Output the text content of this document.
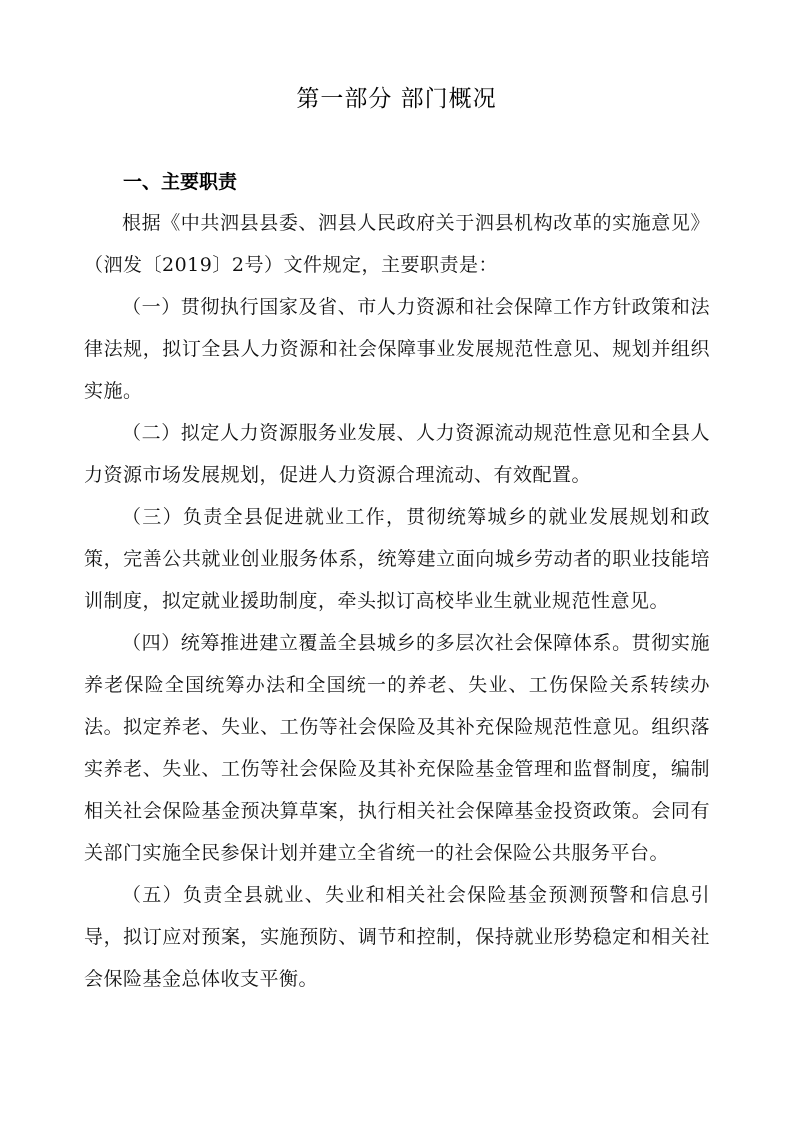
第一部分 部门概况
一、主要职责

根据《中共泗县县委、泗县人民政府关于泗县机构改革的实施意见》（泗发〔2019〕2号）文件规定，主要职责是：

（一）贯彻执行国家及省、市人力资源和社会保障工作方针政策和法律法规，拟订全县人力资源和社会保障事业发展规范性意见、规划并组织实施。

（二）拟定人力资源服务业发展、人力资源流动规范性意见和全县人力资源市场发展规划，促进人力资源合理流动、有效配置。

（三）负责全县促进就业工作，贯彻统筹城乡的就业发展规划和政策，完善公共就业创业服务体系，统筹建立面向城乡劳动者的职业技能培训制度，拟定就业援助制度，牵头拟订高校毕业生就业规范性意见。

（四）统筹推进建立覆盖全县城乡的多层次社会保障体系。贯彻实施养老保险全国统筹办法和全国统一的养老、失业、工伤保险关系转续办法。拟定养老、失业、工伤等社会保险及其补充保险规范性意见。组织落实养老、失业、工伤等社会保险及其补充保险基金管理和监督制度，编制相关社会保险基金预决算草案，执行相关社会保障基金投资政策。会同有关部门实施全民参保计划并建立全省统一的社会保险公共服务平台。

（五）负责全县就业、失业和相关社会保险基金预测预警和信息引导，拟订应对预案，实施预防、调节和控制，保持就业形势稳定和相关社会保险基金总体收支平衡。
